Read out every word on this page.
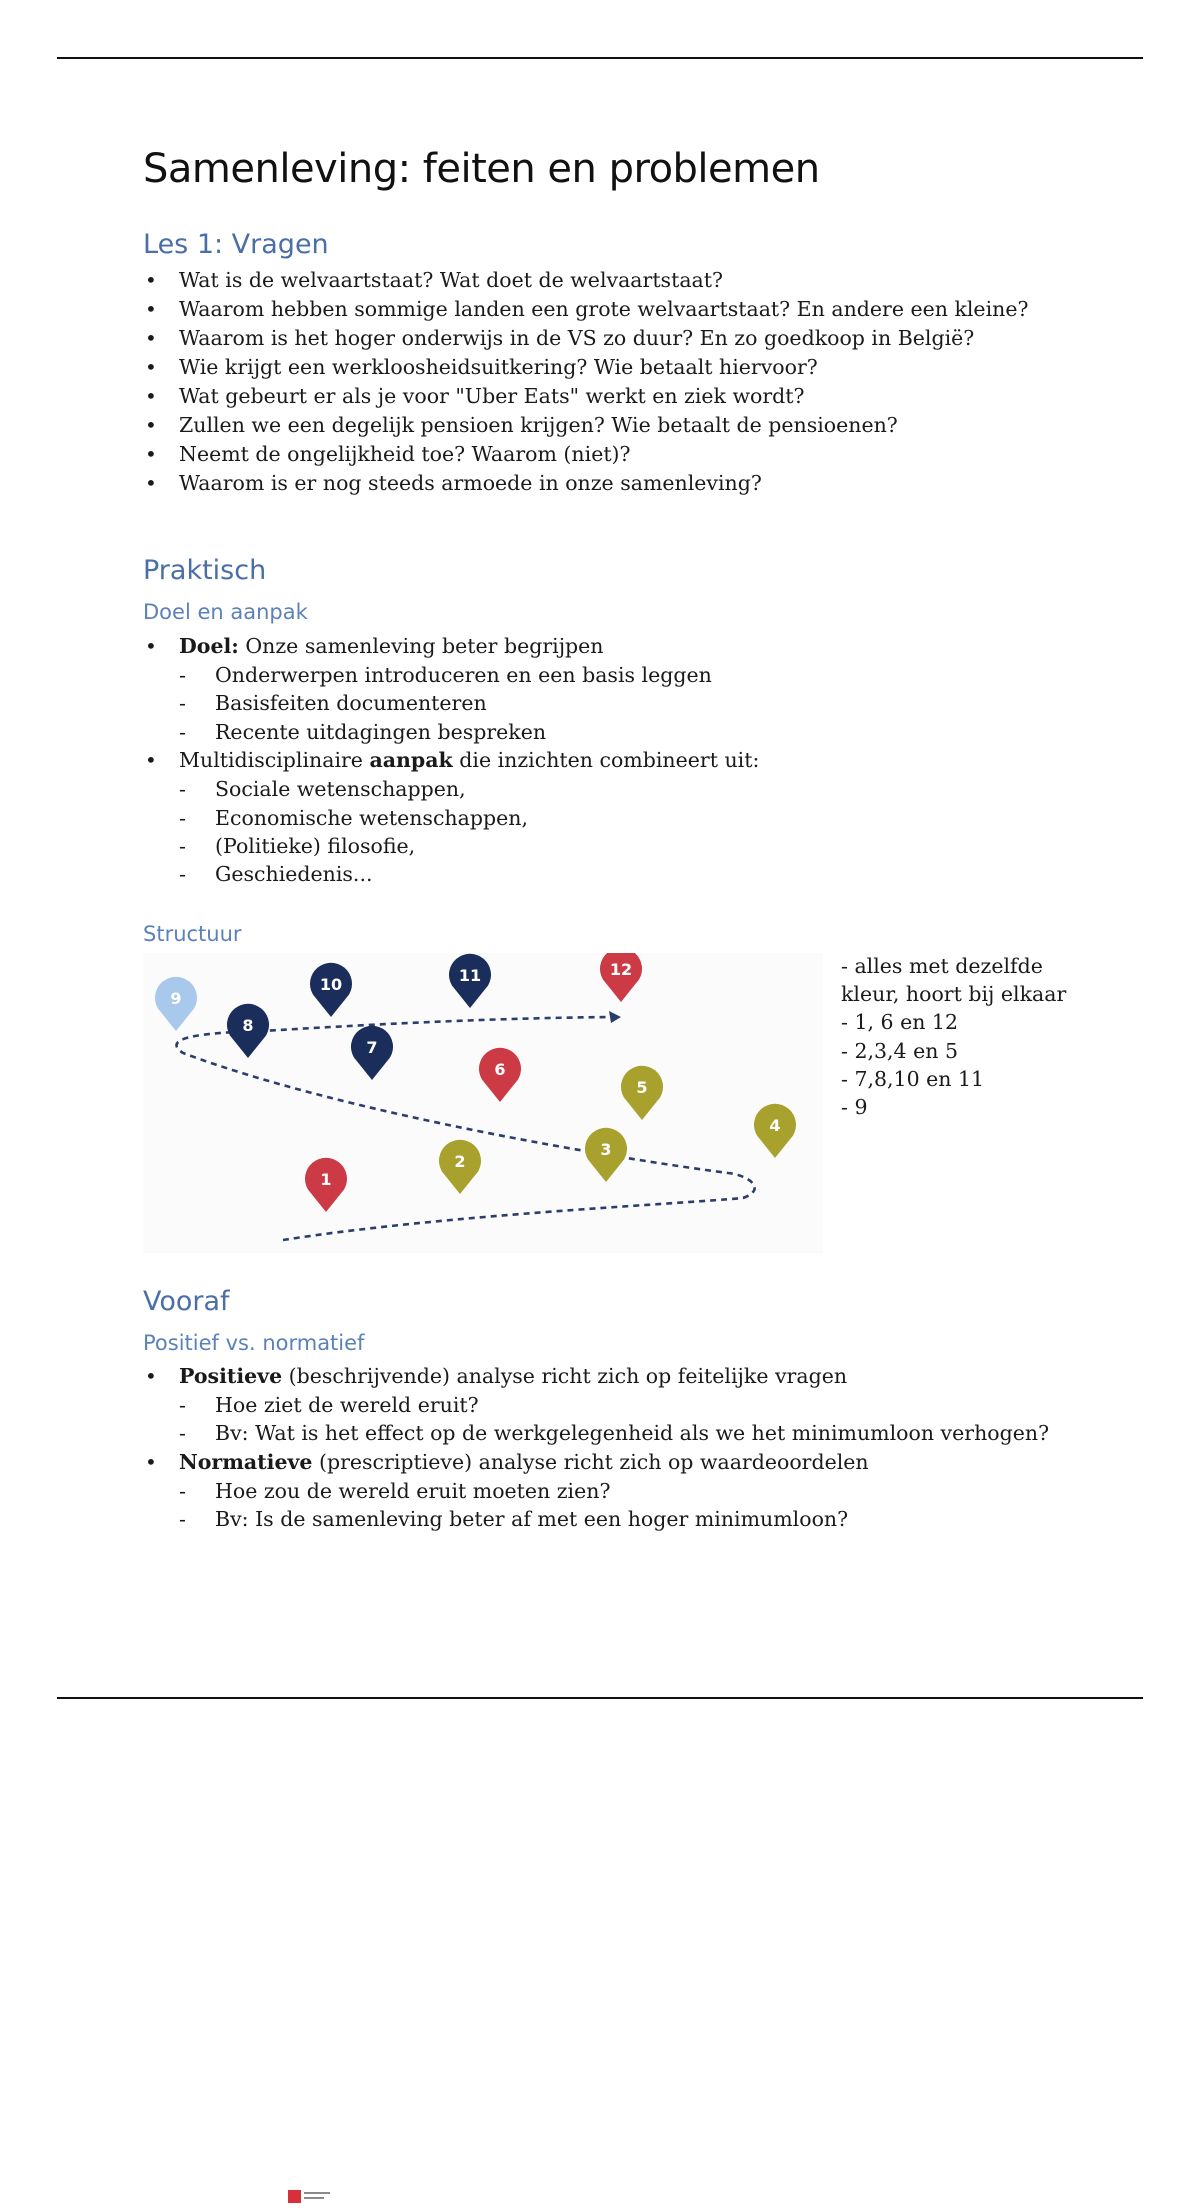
Samenleving: feiten en problemen
Les 1: Vragen
• Wat is de welvaartstaat? Wat doet de welvaartstaat?
• Waarom hebben sommige landen een grote welvaartstaat? En andere een kleine?
• Waarom is het hoger onderwijs in de VS zo duur? En zo goedkoop in België?
• Wie krijgt een werkloosheidsuitkering? Wie betaalt hiervoor?
• Wat gebeurt er als je voor "Uber Eats" werkt en ziek wordt?
• Zullen we een degelijk pensioen krijgen? Wie betaalt de pensioenen?
• Neemt de ongelijkheid toe? Waarom (niet)?
• Waarom is er nog steeds armoede in onze samenleving?
Praktisch
Doel en aanpak
• Doel: Onze samenleving beter begrijpen
- Onderwerpen introduceren en een basis leggen
- Basisfeiten documenteren
- Recente uitdagingen bespreken
• Multidisciplinaire aanpak die inzichten combineert uit:
- Sociale wetenschappen,
- Economische wetenschappen,
- (Politieke) filosofie,
- Geschiedenis...
Structuur
Vooraf
Positief vs. normatief
• Positieve (beschrijvende) analyse richt zich op feitelijke vragen
- Hoe ziet de wereld eruit?
- Bv: Wat is het effect op de werkgelegenheid als we het minimumloon verhogen?
• Normatieve (prescriptieve) analyse richt zich op waardeoordelen
- Hoe zou de wereld eruit moeten zien?
- Bv: Is de samenleving beter af met een hoger minimumloon?
1
2
3
4
5
6
7
8
9
10	11	12	- alles met dezelfde
kleur, hoort bij elkaar
- 1, 6 en 12
- 2,3,4 en 5
- 7,8,10 en 11
- 9
